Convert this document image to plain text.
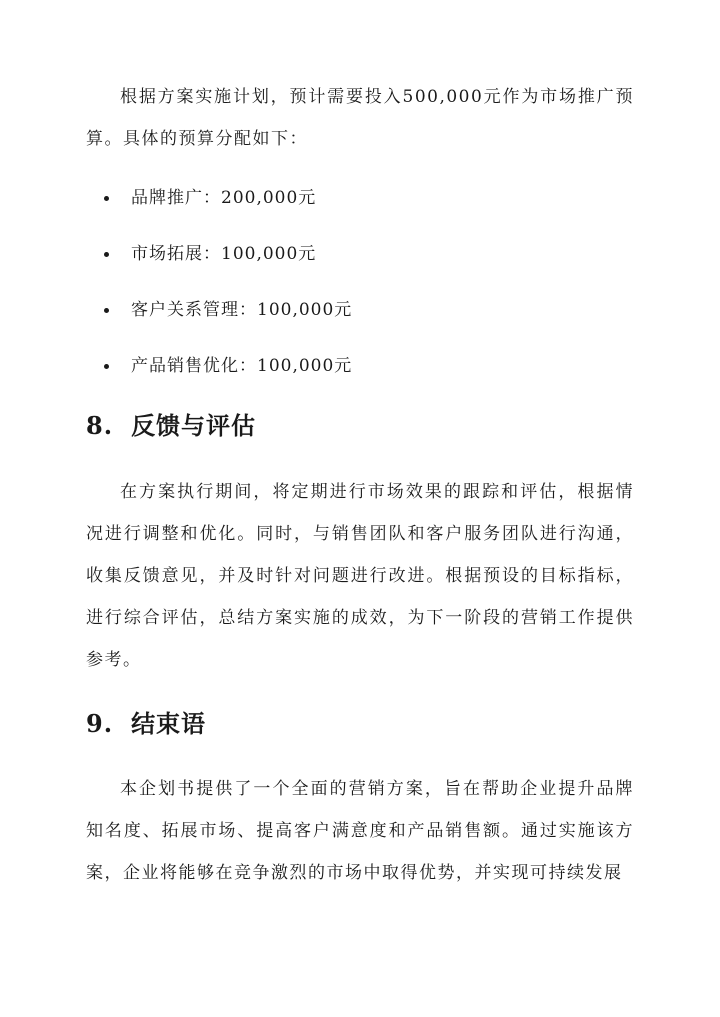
根据方案实施计划，预计需要投入500,000元作为市场推广预算。具体的预算分配如下：

品牌推广：200,000元
市场拓展：100,000元
客户关系管理：100,000元
产品销售优化：100,000元
8. 反馈与评估

在方案执行期间，将定期进行市场效果的跟踪和评估，根据情况进行调整和优化。同时，与销售团队和客户服务团队进行沟通，收集反馈意见，并及时针对问题进行改进。根据预设的目标指标，进行综合评估，总结方案实施的成效，为下一阶段的营销工作提供参考。

9. 结束语

本企划书提供了一个全面的营销方案，旨在帮助企业提升品牌知名度、拓展市场、提高客户满意度和产品销售额。通过实施该方案，企业将能够在竞争激烈的市场中取得优势，并实现可持续发展
